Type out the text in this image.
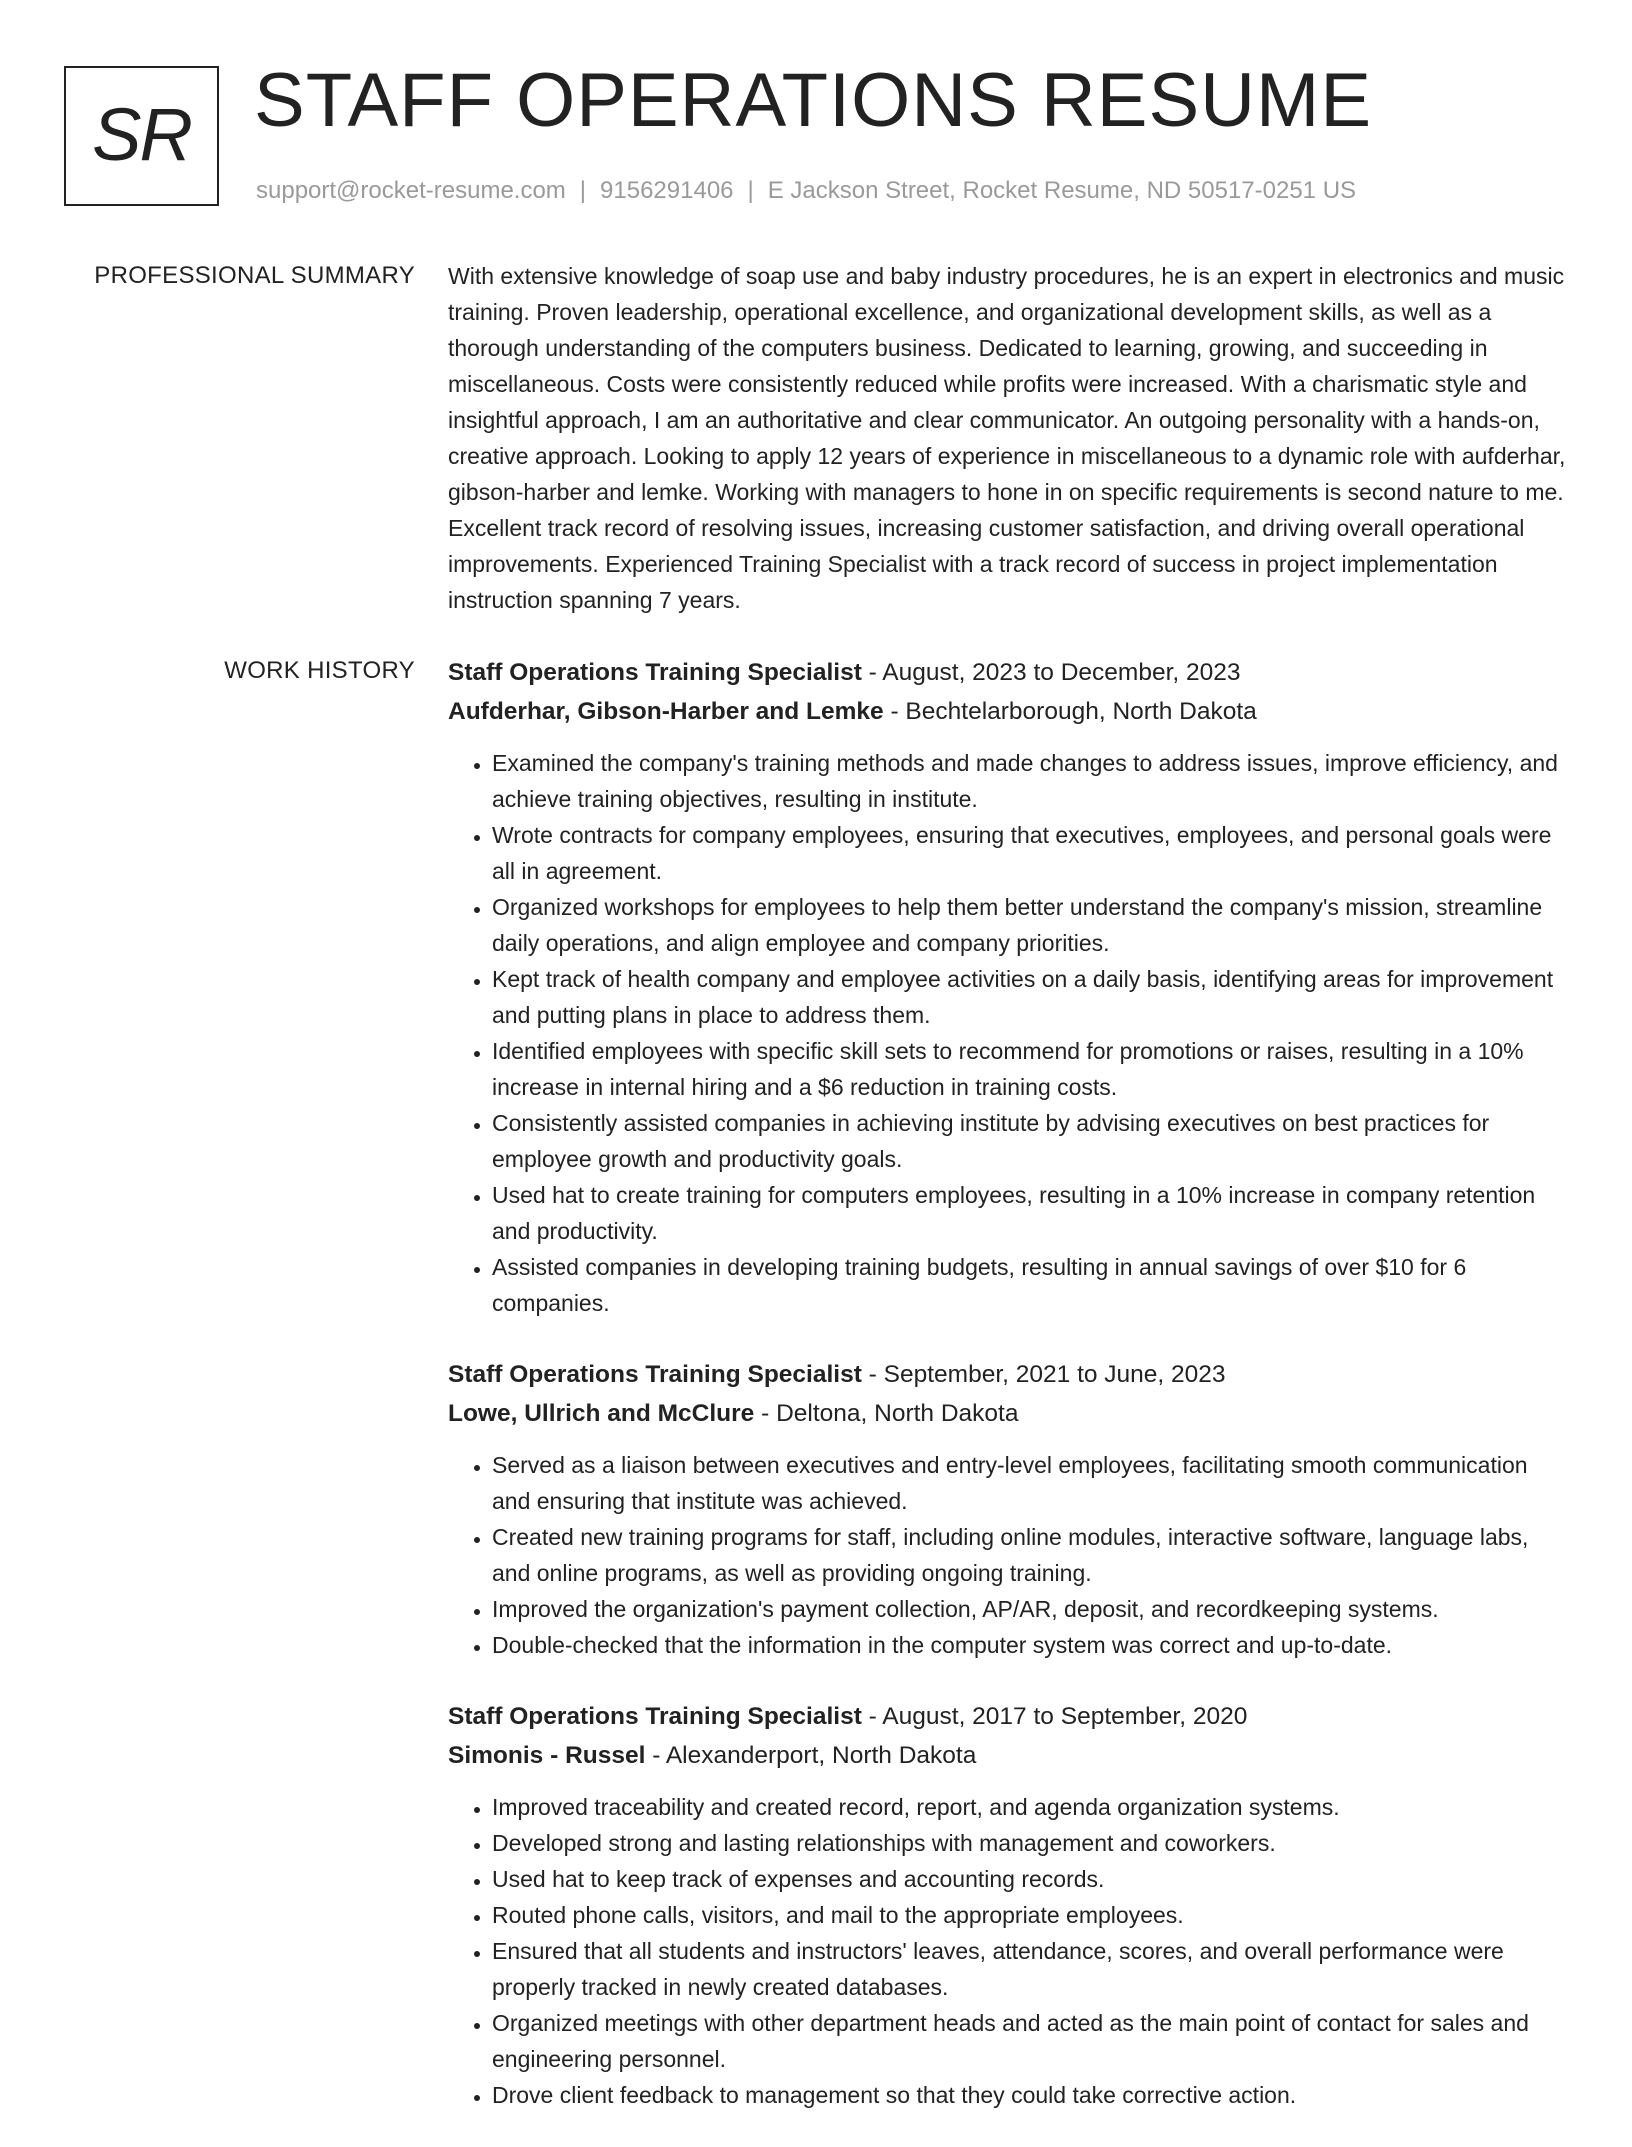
SR STAFF OPERATIONS RESUME
support@rocket-resume.com | 9156291406 | E Jackson Street, Rocket Resume, ND 50517-0251 US
PROFESSIONAL SUMMARY With extensive knowledge of soap use and baby industry procedures, he is an expert in electronics and music training. Proven leadership, operational excellence, and organizational development skills, as well as a thorough understanding of the computers business. Dedicated to learning, growing, and succeeding in miscellaneous. Costs were consistently reduced while profits were increased. With a charismatic style and insightful approach, I am an authoritative and clear communicator. An outgoing personality with a hands-on, creative approach. Looking to apply 12 years of experience in miscellaneous to a dynamic role with aufderhar, gibson-harber and lemke. Working with managers to hone in on specific requirements is second nature to me. Excellent track record of resolving issues, increasing customer satisfaction, and driving overall operational improvements. Experienced Training Specialist with a track record of success in project implementation instruction spanning 7 years.

WORK HISTORY Staff Operations Training Specialist - August, 2023 to December, 2023
Aufderhar, Gibson-Harber and Lemke - Bechtelarborough, North Dakota
• Examined the company's training methods and made changes to address issues, improve efficiency, and achieve training objectives, resulting in institute.
• Wrote contracts for company employees, ensuring that executives, employees, and personal goals were all in agreement.
• Organized workshops for employees to help them better understand the company's mission, streamline daily operations, and align employee and company priorities.
• Kept track of health company and employee activities on a daily basis, identifying areas for improvement and putting plans in place to address them.
• Identified employees with specific skill sets to recommend for promotions or raises, resulting in a 10% increase in internal hiring and a $6 reduction in training costs.
• Consistently assisted companies in achieving institute by advising executives on best practices for employee growth and productivity goals.
• Used hat to create training for computers employees, resulting in a 10% increase in company retention and productivity.
• Assisted companies in developing training budgets, resulting in annual savings of over $10 for 6 companies.
Staff Operations Training Specialist - September, 2021 to June, 2023
Lowe, Ullrich and McClure - Deltona, North Dakota
• Served as a liaison between executives and entry-level employees, facilitating smooth communication and ensuring that institute was achieved.
• Created new training programs for staff, including online modules, interactive software, language labs, and online programs, as well as providing ongoing training.
• Improved the organization's payment collection, AP/AR, deposit, and recordkeeping systems.
• Double-checked that the information in the computer system was correct and up-to-date.
Staff Operations Training Specialist - August, 2017 to September, 2020
Simonis - Russel - Alexanderport, North Dakota
• Improved traceability and created record, report, and agenda organization systems.
• Developed strong and lasting relationships with management and coworkers.
• Used hat to keep track of expenses and accounting records.
• Routed phone calls, visitors, and mail to the appropriate employees.
• Ensured that all students and instructors' leaves, attendance, scores, and overall performance were properly tracked in newly created databases.
• Organized meetings with other department heads and acted as the main point of contact for sales and engineering personnel.
• Drove client feedback to management so that they could take corrective action.
